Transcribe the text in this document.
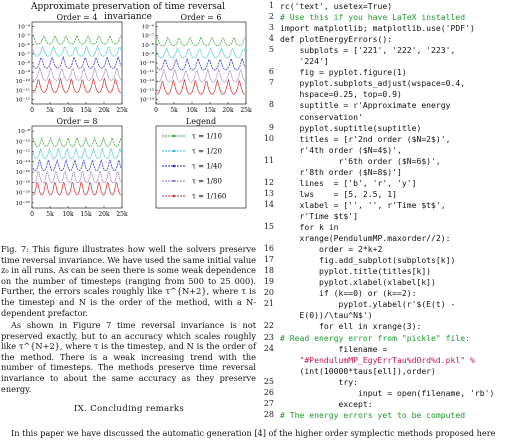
Approximate preservation of time reversal invariance
Order = 4	Order = 6
Order = 8	Legend
10⁻⁴
10⁻⁵
10⁻⁶
10⁻⁷
10⁻⁸
10⁻⁹
10⁻¹⁰
10⁻¹¹
10⁻¹²
0 5k 10k 15k 20k 25k
10⁻⁶
10⁻⁷
10⁻⁸
10⁻⁹
10⁻¹⁰
10⁻¹¹
10⁻¹²
10⁻¹³
10⁻¹⁴
0 5k 10k 15k 20k 25k
10⁻⁸
10⁻¹⁰
10⁻¹²
10⁻¹⁴
10⁻¹⁶
10⁻¹⁸
10⁻²⁰
10⁻²²
0 5k 10k 15k 20k 25k
τ = 1/10
τ = 1/20
τ = 1/40
τ = 1/80
τ = 1/160
Fig. 7: This figure illustrates how well the solvers preserve time reversal invariance. We have used the same initial value z₀ in all runs. As can be seen there is some weak dependence on the number of timesteps (ranging from 500 to 25 000). Further, the errors scales roughly like τ^{N+2}, where τ is the timestep and N is the order of the method, with a N-dependent prefactor.
As shown in Figure 7 time reversal invariance is not preserved exactly, but to an accuracy which scales roughly like τ^{N+2}, where τ is the timestep, and N is the order of the method. There is a weak increasing trend with the number of timesteps. The methods preserve time reversal invariance to about the same accuracy as they preserve energy.
IX. Concluding remarks
In this paper we have discussed the automatic generation [4] of the higher order symplectic methods proposed here
1 rc('text', usetex=True)
2 # Use this if you have LaTeX installed
3 import matplotlib; matplotlib.use('PDF')
4 def plotEnergyErrors():
5 subplots = ['221', '222', '223',
'224']
6 fig = pyplot.figure(1)
7 pyplot.subplots_adjust(wspace=0.4,
hspace=0.25, top=0.9)
8 suptitle = r'Approximate energy
conservation'
9 pyplot.suptitle(suptitle)
10 titles = [r'2nd order ($N=2$)',
r'4th order ($N=4$)',
11 r'6th order ($N=6$)',
r'8th order ($N=8$)']
12 lines  = ['b', 'r', 'y']
13 lws    = [5, 2.5, 1]
14 xlabel = ['', '', r'Time $t$',
r'Time $t$']
15 for k in
xrange(PendulumMP.maxorder//2):
16 order = 2*k+2
17 fig.add_subplot(subplots[k])
18 pyplot.title(titles[k])
19 pyplot.xlabel(xlabel[k])
20 if (k==0) or (k==2):
21 pyplot.ylabel(r'$(E(t) -
E(0))/\tau^N$')
22 for ell in xrange(3):
23 # Read energy error from "pickle" file:
24 filename =
"#PendulumMP_EgyErrTau%dOrd%d.pkl" %
(int(10000*taus[ell]),order)
25 try:
26 input = open(filename, 'rb')
27 except:
28 # The energy errors yet to be computed
